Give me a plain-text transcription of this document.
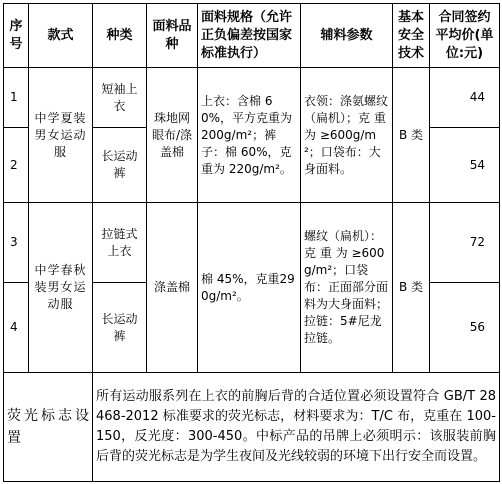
序号	款式	种类	面料品种	面料规格（允许正负偏差按国家标准执行）	辅料参数	基本安全技术	合同签约平均价(单位:元)
1	中学夏装男女运动服	短袖上衣	珠地网眼布/涤盖棉	上衣：含棉 60%，平方克重为200g/m²；裤子：棉 60%，克重为 220g/m²。	衣领：涤氨螺纹（扁机）；克 重 为 ≥600g/m²；口袋布：大身面料。	B 类	44
2		长运动裤					54
3	中学春秋装男女运动服	拉链式上衣	涤盖棉	棉 45%，克重290g/m²。	螺纹（扁机）：克 重 为 ≥600g/m²；口袋布：正面部分面料为大身面料；拉链：5#尼龙拉链。	B 类	72
4		长运动裤					56
荧光标志设置		所有运动服系列在上衣的前胸后背的合适位置必须设置符合 GB/T 28468-2012 标准要求的荧光标志，材料要求为：T/C 布，克重在 100-150，反光度：300-450。中标产品的吊牌上必须明示：该服装前胸后背的荧光标志是为学生夜间及光线较弱的环境下出行安全而设置。					
